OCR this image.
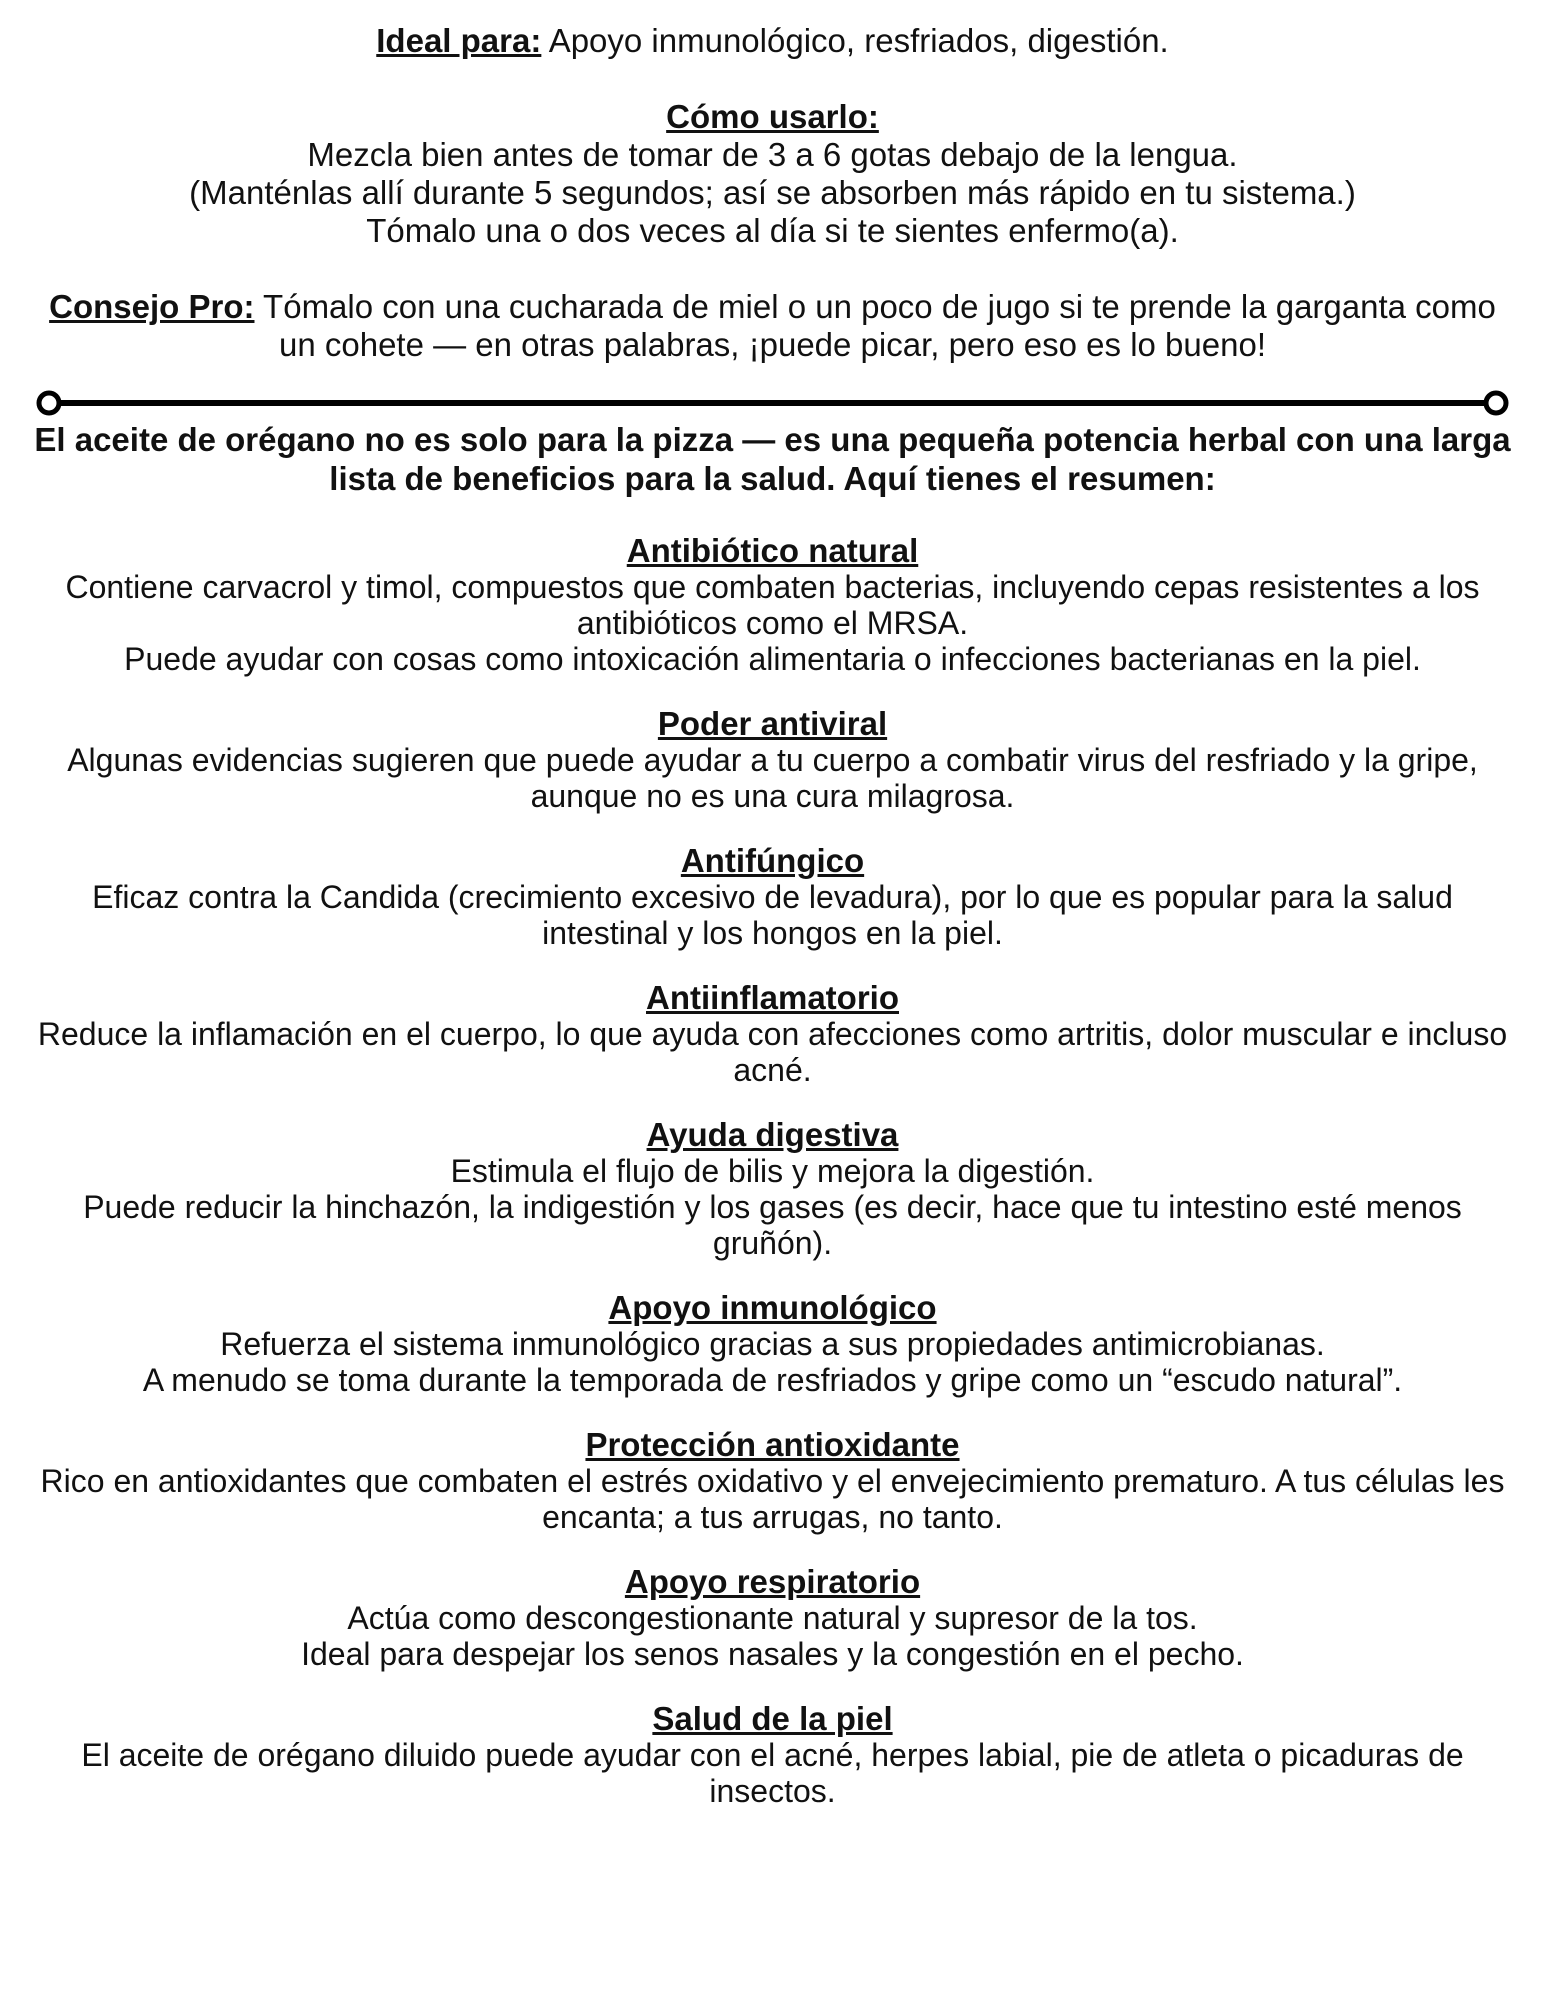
Ideal para: Apoyo inmunológico, resfriados, digestión.

Cómo usarlo:

Mezcla bien antes de tomar de 3 a 6 gotas debajo de la lengua.

(Manténlas allí durante 5 segundos; así se absorben más rápido en tu sistema.)

Tómalo una o dos veces al día si te sientes enfermo(a).

Consejo Pro: Tómalo con una cucharada de miel o un poco de jugo si te prende la garganta como un cohete — en otras palabras, ¡puede picar, pero eso es lo bueno!

El aceite de orégano no es solo para la pizza — es una pequeña potencia herbal con una larga lista de beneficios para la salud. Aquí tienes el resumen:

Antibiótico natural

Contiene carvacrol y timol, compuestos que combaten bacterias, incluyendo cepas resistentes a los antibióticos como el MRSA.

Puede ayudar con cosas como intoxicación alimentaria o infecciones bacterianas en la piel.

Poder antiviral

Algunas evidencias sugieren que puede ayudar a tu cuerpo a combatir virus del resfriado y la gripe, aunque no es una cura milagrosa.

Antifúngico

Eficaz contra la Candida (crecimiento excesivo de levadura), por lo que es popular para la salud intestinal y los hongos en la piel.

Antiinflamatorio

Reduce la inflamación en el cuerpo, lo que ayuda con afecciones como artritis, dolor muscular e incluso acné.

Ayuda digestiva

Estimula el flujo de bilis y mejora la digestión.

Puede reducir la hinchazón, la indigestión y los gases (es decir, hace que tu intestino esté menos gruñón).

Apoyo inmunológico

Refuerza el sistema inmunológico gracias a sus propiedades antimicrobianas.

A menudo se toma durante la temporada de resfriados y gripe como un “escudo natural”.

Protección antioxidante

Rico en antioxidantes que combaten el estrés oxidativo y el envejecimiento prematuro. A tus células les encanta; a tus arrugas, no tanto.

Apoyo respiratorio

Actúa como descongestionante natural y supresor de la tos.

Ideal para despejar los senos nasales y la congestión en el pecho.

Salud de la piel

El aceite de orégano diluido puede ayudar con el acné, herpes labial, pie de atleta o picaduras de insectos.
